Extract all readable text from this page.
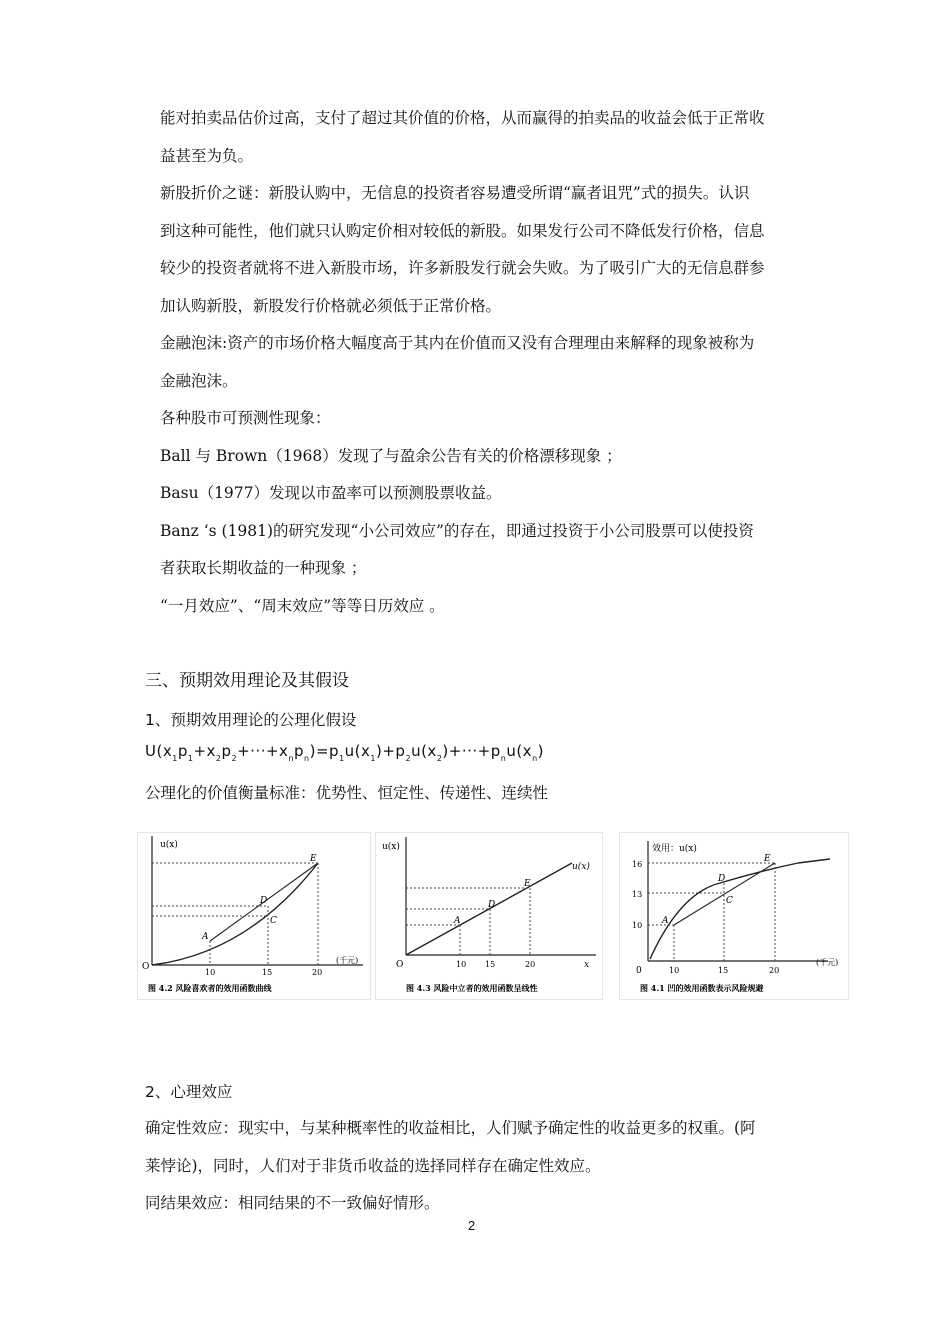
能对拍卖品估价过高，支付了超过其价值的价格，从而赢得的拍卖品的收益会低于正常收
益甚至为负。
新股折价之谜：新股认购中，无信息的投资者容易遭受所谓“赢者诅咒”式的损失。认识
到这种可能性，他们就只认购定价相对较低的新股。如果发行公司不降低发行价格，信息
较少的投资者就将不进入新股市场，许多新股发行就会失败。为了吸引广大的无信息群参
加认购新股，新股发行价格就必须低于正常价格。
金融泡沫:资产的市场价格大幅度高于其内在价值而又没有合理理由来解释的现象被称为
金融泡沫。
各种股市可预测性现象：
Ball 与 Brown（1968）发现了与盈余公告有关的价格漂移现象 ；
Basu（1977）发现以市盈率可以预测股票收益。
Banz ‘s (1981)的研究发现“小公司效应”的存在，即通过投资于小公司股票可以使投资
者获取长期收益的一种现象 ；
“一月效应”、“周末效应”等等日历效应 。
三、预期效用理论及其假设
1、预期效用理论的公理化假设
$U(x_1p_1+x_2p_2+\cdot\cdot\cdot+x_np_n)=p_1u(x_1)+p_2u(x_2)+\cdot\cdot\cdot+p_nu(x_n)$
公理化的价值衡量标准：优势性、恒定性、传递性、连续性
u(x)
O
10	15	20
(千元)
A
C
D
E
图 4.2 风险喜欢者的效用函数曲线
u(x)
O	10 15	20	x
u(x)
A
D
E
图 4.3 风险中立者的效用函数呈线性
效用：u(x)
16
13
10
0	10	15	20
(千元)
A
C
D
E
图 4.1 凹的效用函数表示风险规避
2、心理效应
确定性效应：现实中，与某种概率性的收益相比，人们赋予确定性的收益更多的权重。(阿
莱悖论)，同时，人们对于非货币收益的选择同样存在确定性效应。
同结果效应：相同结果的不一致偏好情形。
2
